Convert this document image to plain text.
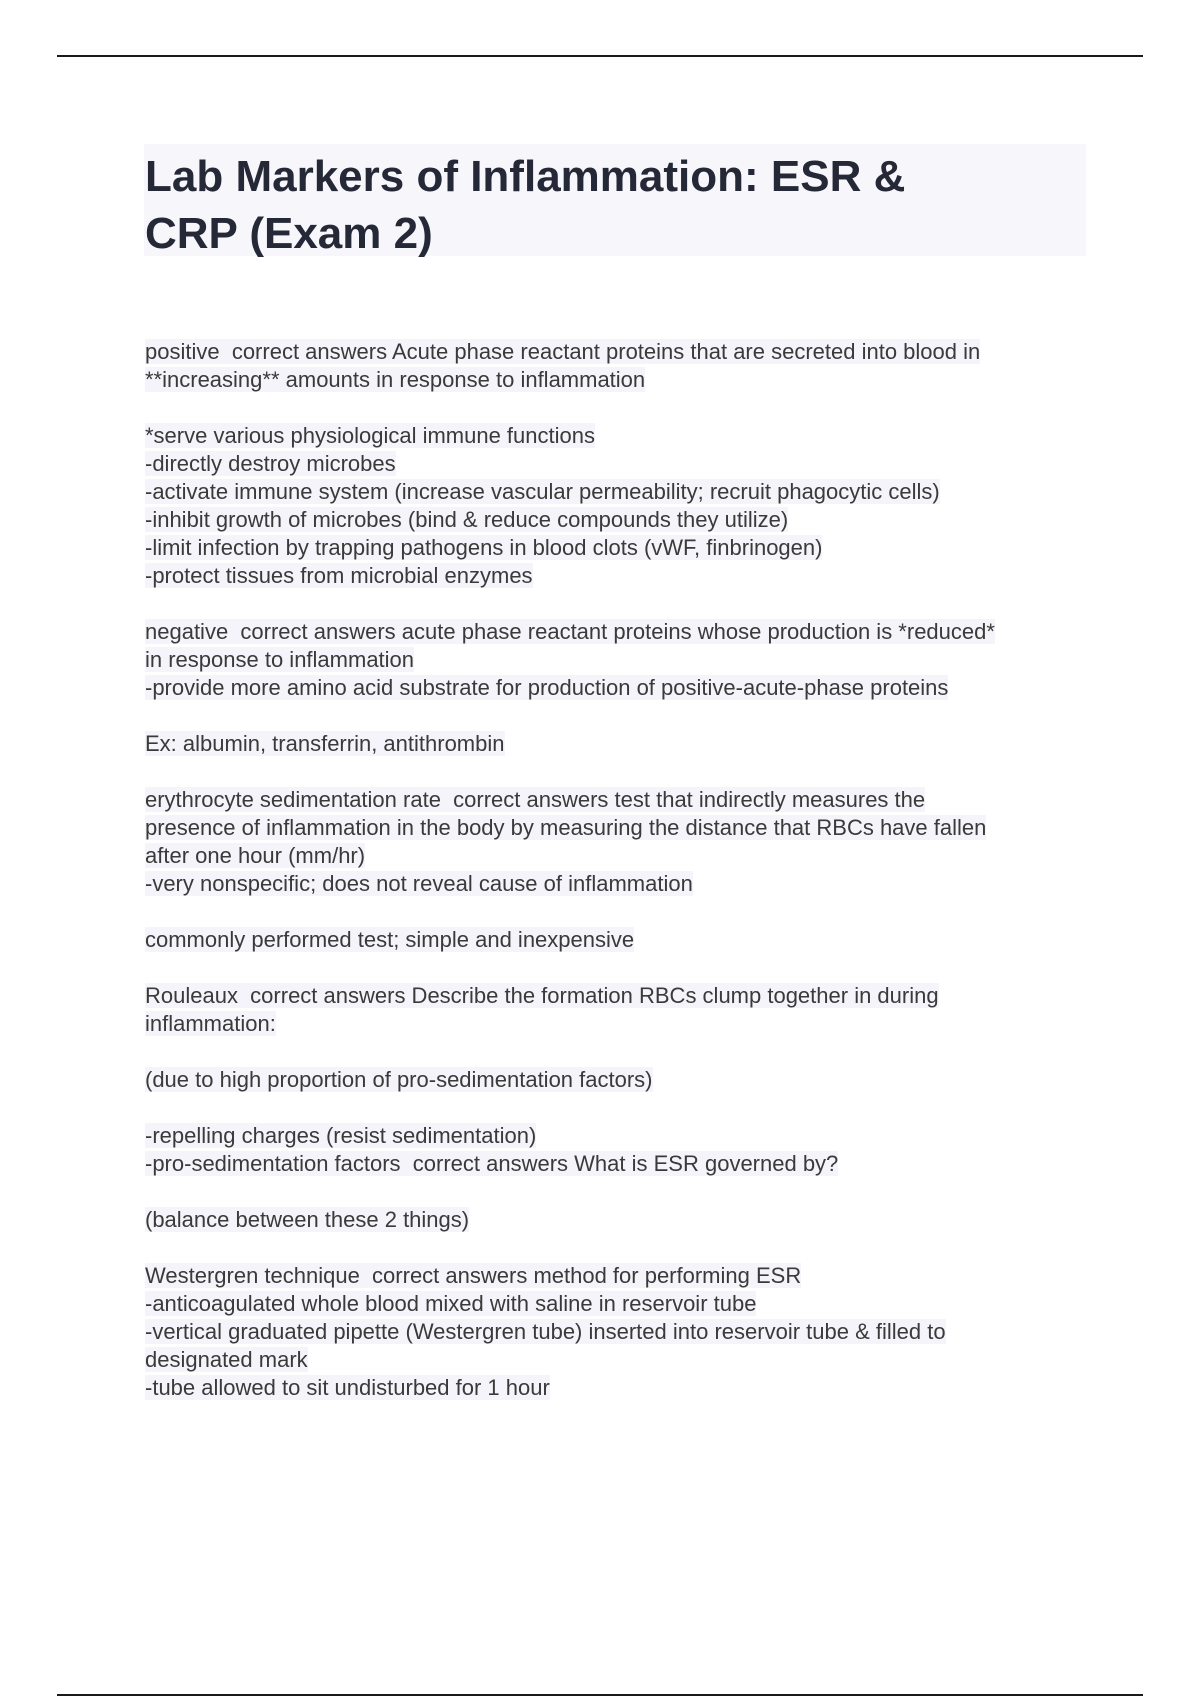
Lab Markers of Inflammation: ESR &
CRP (Exam 2)
positive  correct answers Acute phase reactant proteins that are secreted into blood in
**increasing** amounts in response to inflammation
*serve various physiological immune functions
-directly destroy microbes
-activate immune system (increase vascular permeability; recruit phagocytic cells)
-inhibit growth of microbes (bind & reduce compounds they utilize)
-limit infection by trapping pathogens in blood clots (vWF, finbrinogen)
-protect tissues from microbial enzymes
negative  correct answers acute phase reactant proteins whose production is *reduced*
in response to inflammation
-provide more amino acid substrate for production of positive-acute-phase proteins
Ex: albumin, transferrin, antithrombin
erythrocyte sedimentation rate  correct answers test that indirectly measures the
presence of inflammation in the body by measuring the distance that RBCs have fallen
after one hour (mm/hr)
-very nonspecific; does not reveal cause of inflammation
commonly performed test; simple and inexpensive
Rouleaux  correct answers Describe the formation RBCs clump together in during
inflammation:
(due to high proportion of pro-sedimentation factors)
-repelling charges (resist sedimentation)
-pro-sedimentation factors  correct answers What is ESR governed by?
(balance between these 2 things)
Westergren technique  correct answers method for performing ESR
-anticoagulated whole blood mixed with saline in reservoir tube
-vertical graduated pipette (Westergren tube) inserted into reservoir tube & filled to
designated mark
-tube allowed to sit undisturbed for 1 hour
